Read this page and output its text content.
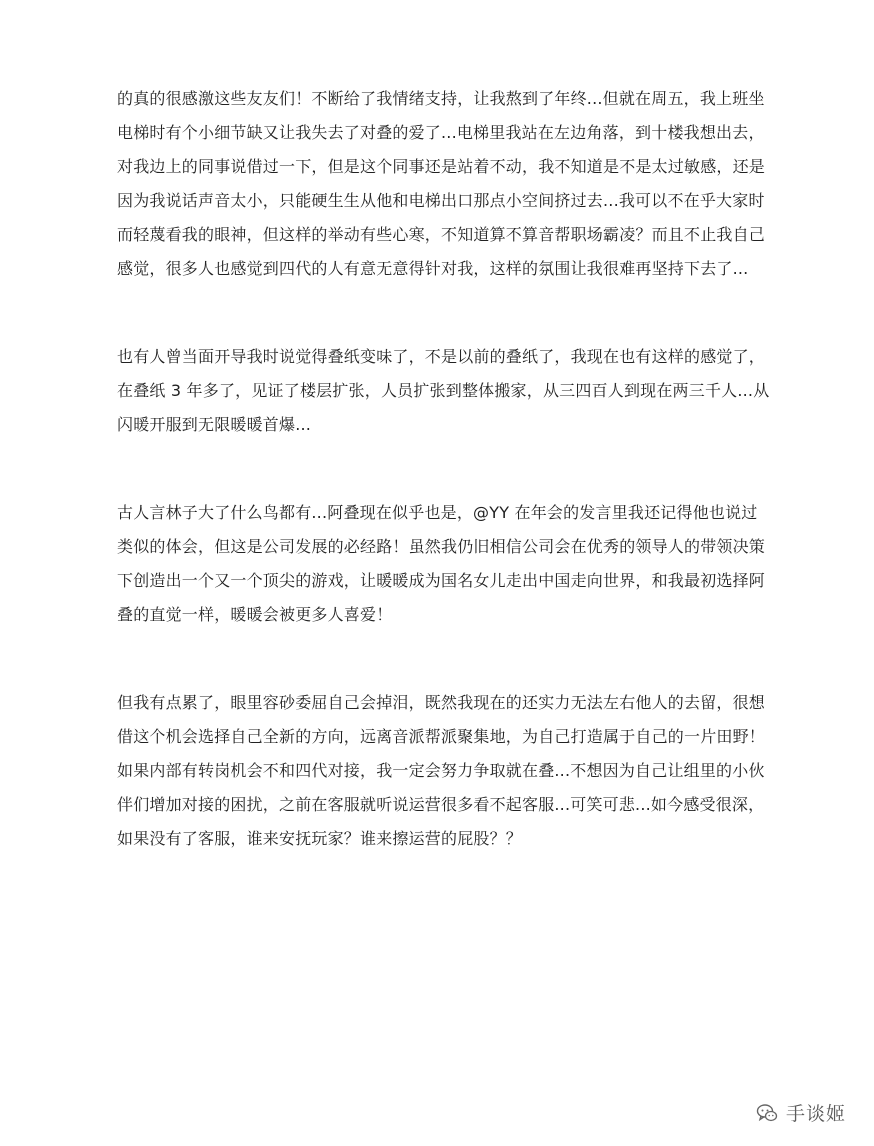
的真的很感激这些友友们！不断给了我情绪支持，让我熬到了年终...但就在周五，我上班坐
电梯时有个小细节缺又让我失去了对叠的爱了...电梯里我站在左边角落，到十楼我想出去，
对我边上的同事说借过一下，但是这个同事还是站着不动，我不知道是不是太过敏感，还是
因为我说话声音太小，只能硬生生从他和电梯出口那点小空间挤过去...我可以不在乎大家时
而轻蔑看我的眼神，但这样的举动有些心寒，不知道算不算音帮职场霸凌？而且不止我自己
感觉，很多人也感觉到四代的人有意无意得针对我，这样的氛围让我很难再坚持下去了...
也有人曾当面开导我时说觉得叠纸变味了，不是以前的叠纸了，我现在也有这样的感觉了，
在叠纸 3 年多了，见证了楼层扩张，人员扩张到整体搬家，从三四百人到现在两三千人...从
闪暖开服到无限暖暖首爆...
古人言林子大了什么鸟都有...阿叠现在似乎也是，@YY 在年会的发言里我还记得他也说过
类似的体会，但这是公司发展的必经路！虽然我仍旧相信公司会在优秀的领导人的带领决策
下创造出一个又一个顶尖的游戏，让暖暖成为国名女儿走出中国走向世界，和我最初选择阿
叠的直觉一样，暖暖会被更多人喜爱！
但我有点累了，眼里容砂委屈自己会掉泪，既然我现在的还实力无法左右他人的去留，很想
借这个机会选择自己全新的方向，远离音派帮派聚集地，为自己打造属于自己的一片田野！
如果内部有转岗机会不和四代对接，我一定会努力争取就在叠...不想因为自己让组里的小伙
伴们增加对接的困扰，之前在客服就听说运营很多看不起客服...可笑可悲...如今感受很深，
如果没有了客服，谁来安抚玩家？谁来擦运营的屁股？？
手谈姬
